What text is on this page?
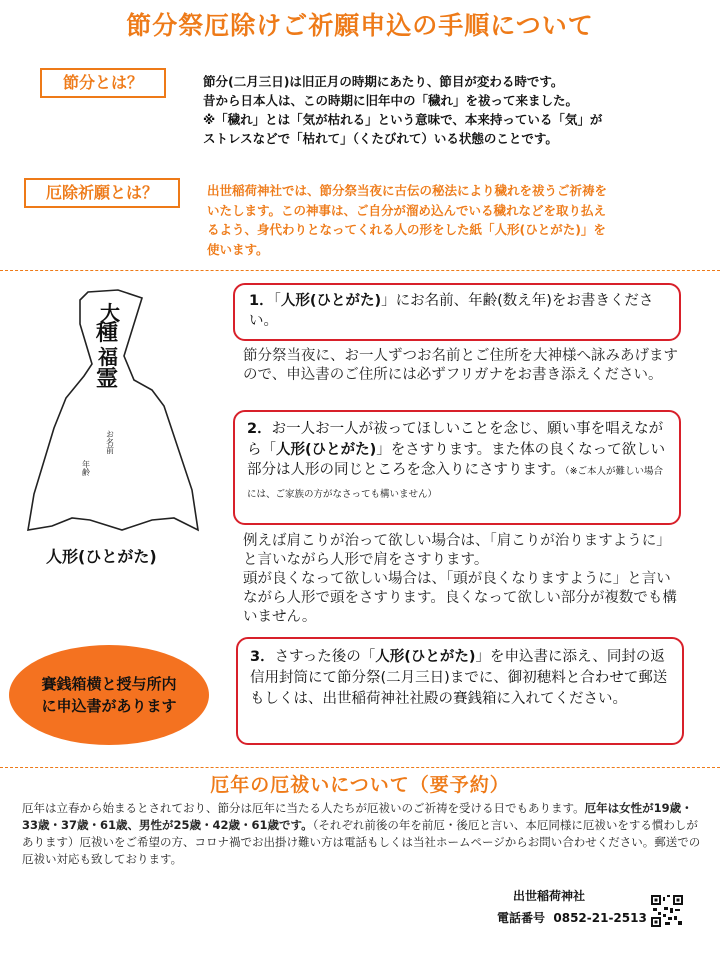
節分祭厄除けご祈願申込の手順について
節分とは？	節分(二月三日)は旧正月の時期にあたり、節目が変わる時です。
昔から日本人は、この時期に旧年中の「穢れ」を祓って来ました。
※「穢れ」とは「気が枯れる」という意味で、本来持っている「気」が
ストレスなどで「枯れて」（くたびれて）いる状態のことです。
厄除祈願とは？	出世稲荷神社では、節分祭当夜に古伝の秘法により穢れを祓うご祈祷を
いたします。この神事は、ご自分が溜め込んでいる穢れなどを取り払え
るよう、身代わりとなってくれる人の形をした紙「人形(ひとがた)」を
使います。
大
種
福
霊
お名前
年齢
人形(ひとがた)
1．「人形(ひとがた)」にお名前、年齢(数え年)をお書きください。
節分祭当夜に、お一人ずつお名前とご住所を大神様へ詠みあげますので、申込書のご住所には必ずフリガナをお書き添えください。
2．お一人お一人が祓ってほしいことを念じ、願い事を唱えながら「人形(ひとがた)」をさすります。また体の良くなって欲しい部分は人形の同じところを念入りにさすります。（※ご本人が難しい場合には、ご家族の方がなさっても構いません）
例えば肩こりが治って欲しい場合は、「肩こりが治りますように」と言いながら人形で肩をさすります。
頭が良くなって欲しい場合は、「頭が良くなりますように」と言いながら人形で頭をさすります。良くなって欲しい部分が複数でも構いません。
賽銭箱横と授与所内
に申込書があります
3．さすった後の「人形(ひとがた)」を申込書に添え、同封の返信用封筒にて節分祭(二月三日)までに、御初穂料と合わせて郵送もしくは、出世稲荷神社社殿の賽銭箱に入れてください。
厄年の厄祓いについて（要予約）
厄年は立春から始まるとされており、節分は厄年に当たる人たちが厄祓いのご祈祷を受ける日でもあります。厄年は女性が19歳・33歳・37歳・61歳、男性が25歳・42歳・61歳です。（それぞれ前後の年を前厄・後厄と言い、本厄同様に厄祓いをする慣わしがあります）厄祓いをご希望の方、コロナ禍でお出掛け難い方は電話もしくは当社ホームページからお問い合わせください。郵送での厄祓い対応も致しております。
出世稲荷神社
電話番号 0852-21-2513
